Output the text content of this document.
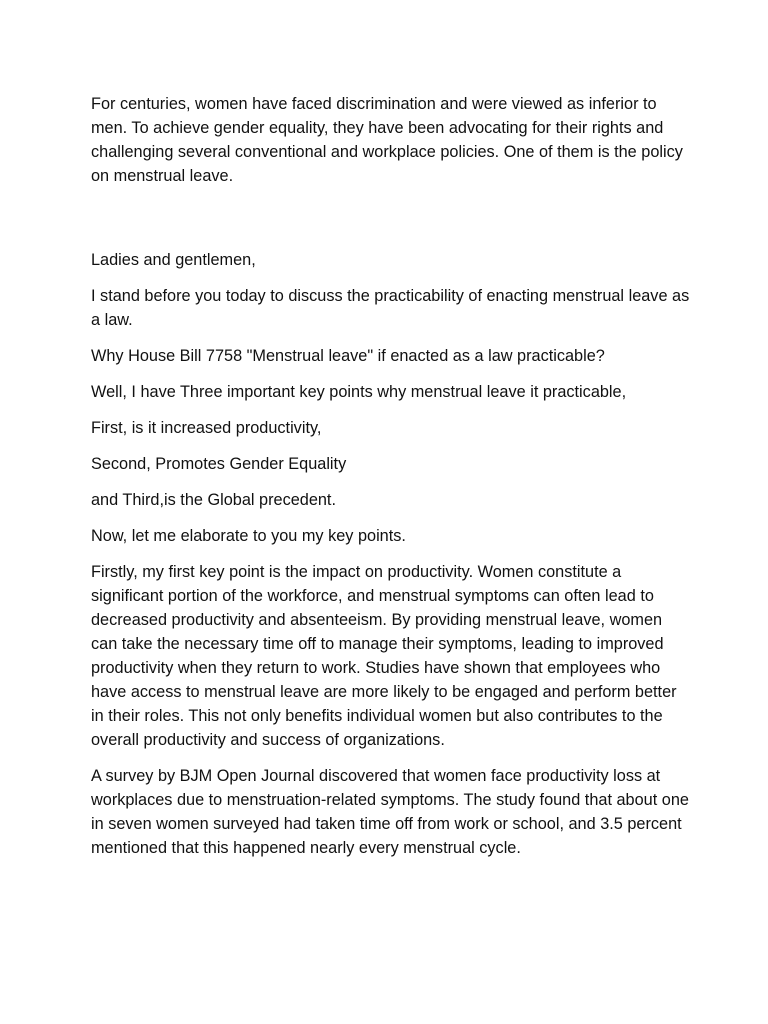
For centuries, women have faced discrimination and were viewed as inferior to men. To achieve gender equality, they have been advocating for their rights and challenging several conventional and workplace policies. One of them is the policy on menstrual leave.

Ladies and gentlemen,

I stand before you today to discuss the practicability of enacting menstrual leave as a law.

Why House Bill 7758 "Menstrual leave" if enacted as a law practicable?

Well, I have Three important key points why menstrual leave it practicable,

First, is it increased productivity,

Second, Promotes Gender Equality

and Third,is the Global precedent.

Now, let me elaborate to you my key points.

Firstly, my first key point is the impact on productivity. Women constitute a significant portion of the workforce, and menstrual symptoms can often lead to decreased productivity and absenteeism. By providing menstrual leave, women can take the necessary time off to manage their symptoms, leading to improved productivity when they return to work. Studies have shown that employees who have access to menstrual leave are more likely to be engaged and perform better in their roles. This not only benefits individual women but also contributes to the overall productivity and success of organizations.

A survey by BJM Open Journal discovered that women face productivity loss at workplaces due to menstruation-related symptoms. The study found that about one in seven women surveyed had taken time off from work or school, and 3.5 percent mentioned that this happened nearly every menstrual cycle.
